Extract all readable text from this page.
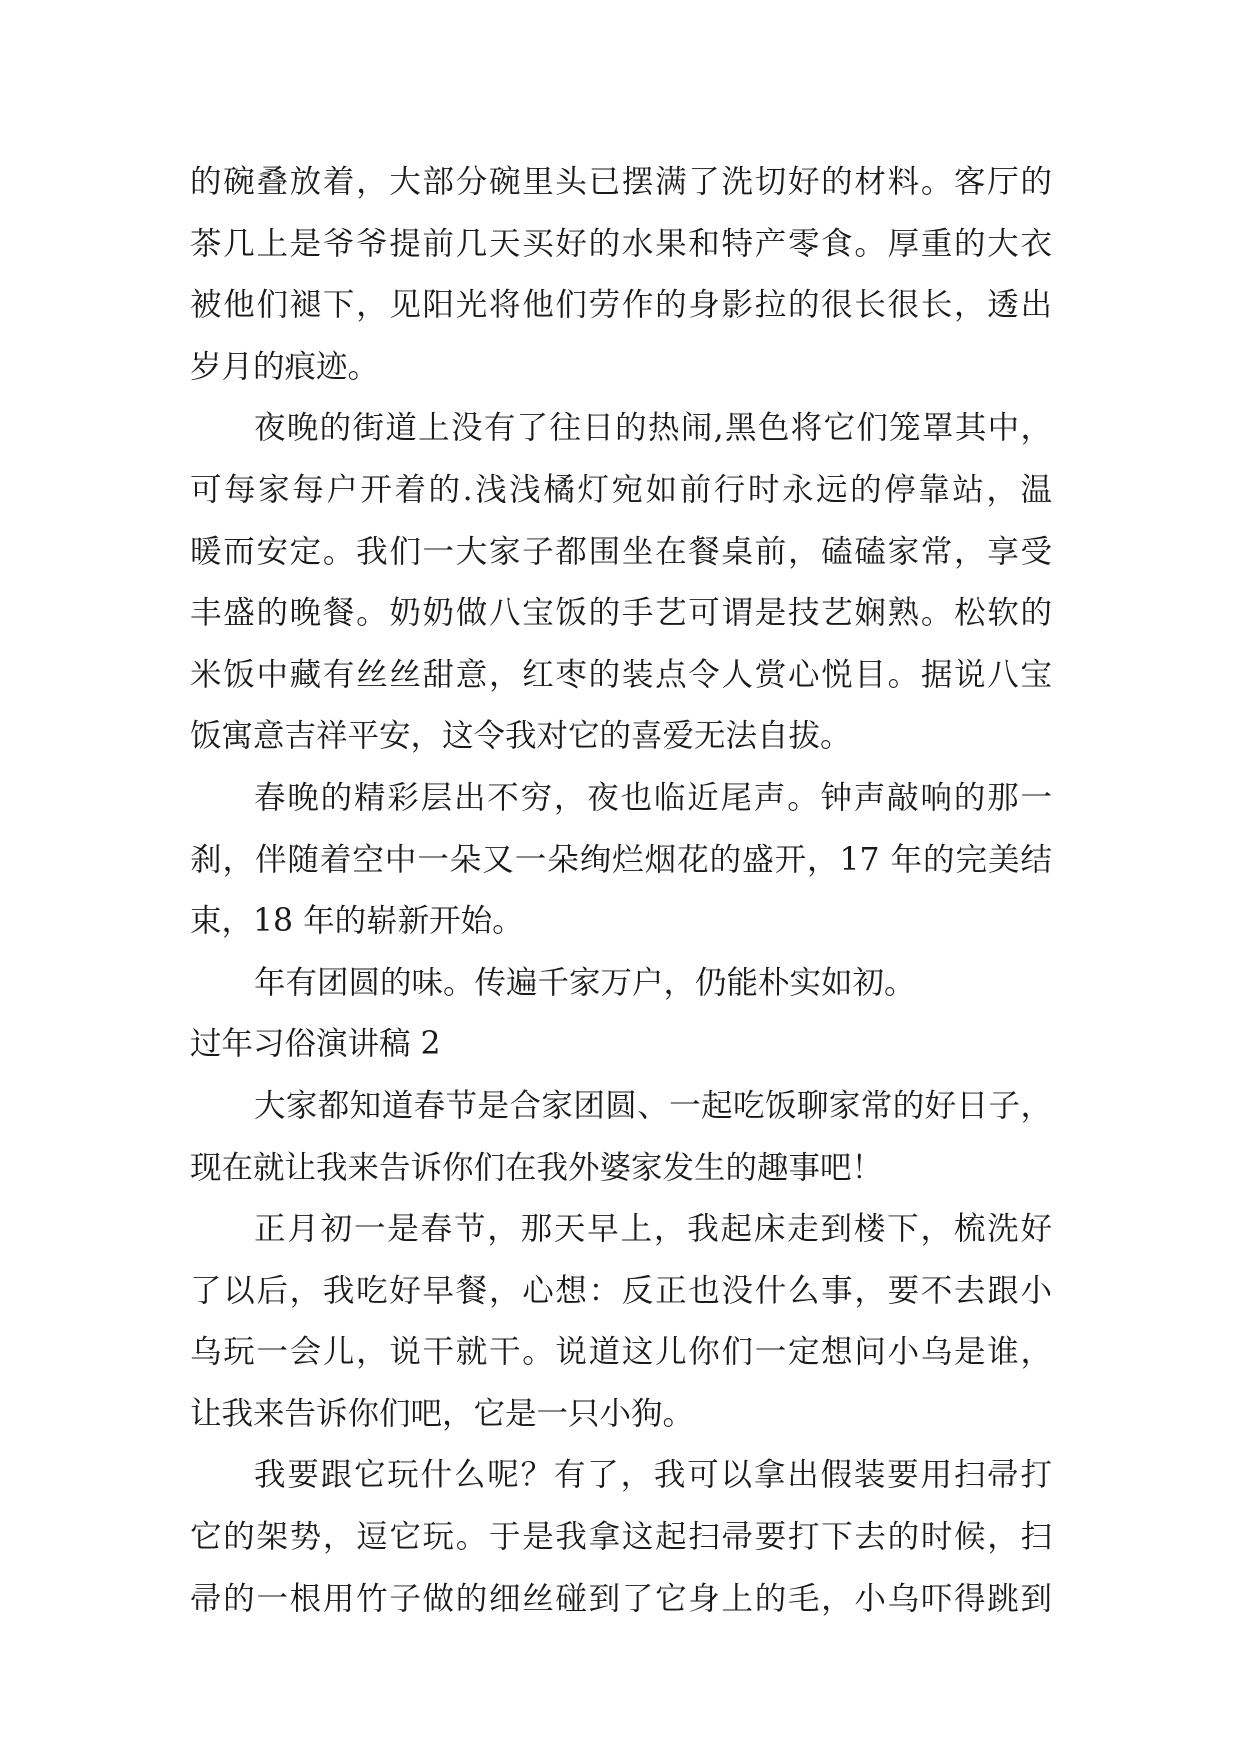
的碗叠放着，大部分碗里头已摆满了洗切好的材料。客厅的
茶几上是爷爷提前几天买好的水果和特产零食。厚重的大衣
被他们褪下，见阳光将他们劳作的身影拉的很长很长，透出
岁月的痕迹。
夜晚的街道上没有了往日的热闹,黑色将它们笼罩其中，
可每家每户开着的.浅浅橘灯宛如前行时永远的停靠站，温
暖而安定。我们一大家子都围坐在餐桌前，磕磕家常，享受
丰盛的晚餐。奶奶做八宝饭的手艺可谓是技艺娴熟。松软的
米饭中藏有丝丝甜意，红枣的装点令人赏心悦目。据说八宝
饭寓意吉祥平安，这令我对它的喜爱无法自拔。
春晚的精彩层出不穷，夜也临近尾声。钟声敲响的那一
刹，伴随着空中一朵又一朵绚烂烟花的盛开，17 年的完美结
束，18 年的崭新开始。
年有团圆的味。传遍千家万户，仍能朴实如初。
过年习俗演讲稿 2
大家都知道春节是合家团圆、一起吃饭聊家常的好日子，
现在就让我来告诉你们在我外婆家发生的趣事吧！
正月初一是春节，那天早上，我起床走到楼下，梳洗好
了以后，我吃好早餐，心想：反正也没什么事，要不去跟小
乌玩一会儿，说干就干。说道这儿你们一定想问小乌是谁，
让我来告诉你们吧，它是一只小狗。
我要跟它玩什么呢？有了，我可以拿出假装要用扫帚打
它的架势，逗它玩。于是我拿这起扫帚要打下去的时候，扫
帚的一根用竹子做的细丝碰到了它身上的毛，小乌吓得跳到
